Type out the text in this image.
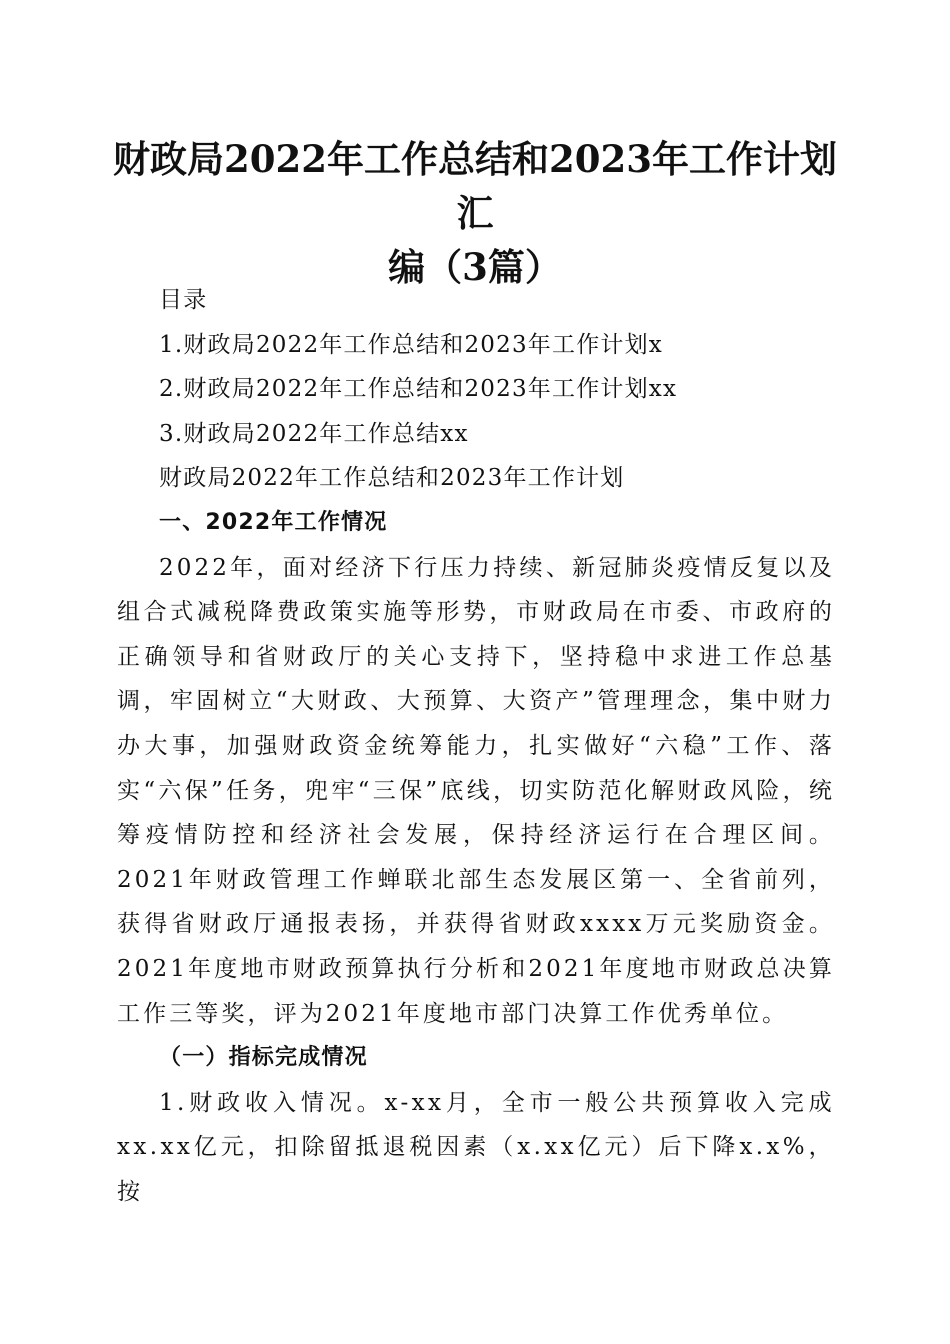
财政局2022年工作总结和2023年工作计划汇
编（3篇）
目录
1.财政局2022年工作总结和2023年工作计划x
2.财政局2022年工作总结和2023年工作计划xx
3.财政局2022年工作总结xx
财政局2022年工作总结和2023年工作计划
一、2022年工作情况
2022年，面对经济下行压力持续、新冠肺炎疫情反复以及组合式减税降费政策实施等形势，市财政局在市委、市政府的正确领导和省财政厅的关心支持下，坚持稳中求进工作总基调，牢固树立“大财政、大预算、大资产”管理理念，集中财力办大事，加强财政资金统筹能力，扎实做好“六稳”工作、落实“六保”任务，兜牢“三保”底线，切实防范化解财政风险，统筹疫情防控和经济社会发展，保持经济运行在合理区间。2021年财政管理工作蝉联北部生态发展区第一、全省前列，获得省财政厅通报表扬，并获得省财政xxxx万元奖励资金。2021年度地市财政预算执行分析和2021年度地市财政总决算工作三等奖，评为2021年度地市部门决算工作优秀单位。
（一）指标完成情况
1.财政收入情况。x-xx月，全市一般公共预算收入完成xx.xx亿元，扣除留抵退税因素（x.xx亿元）后下降x.x%，按
